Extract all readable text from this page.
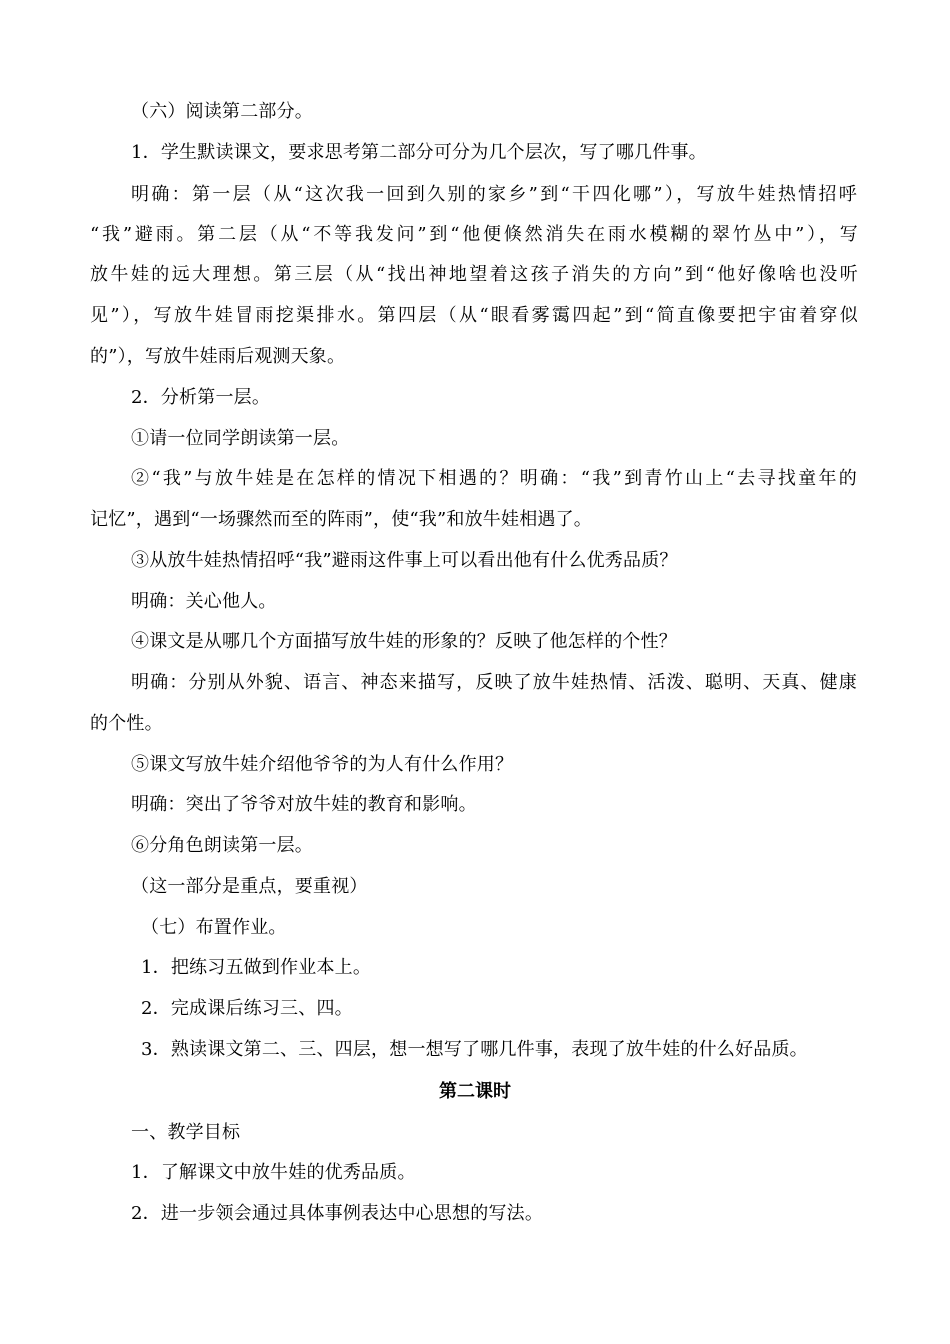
（六）阅读第二部分。
1．学生默读课文，要求思考第二部分可分为几个层次，写了哪几件事。
明确：第一层（从“这次我一回到久别的家乡”到“干四化哪”），写放牛娃热情招呼
“我”避雨。第二层（从“不等我发问”到“他便倏然消失在雨水模糊的翠竹丛中”），写
放牛娃的远大理想。第三层（从“找出神地望着这孩子消失的方向”到“他好像啥也没听
见”），写放牛娃冒雨挖渠排水。第四层（从“眼看雾霭四起”到“简直像要把宇宙着穿似
的”），写放牛娃雨后观测天象。
2．分析第一层。
①请一位同学朗读第一层。
②“我”与放牛娃是在怎样的情况下相遇的？明确：“我”到青竹山上“去寻找童年的
记忆”，遇到“一场骤然而至的阵雨”，使“我”和放牛娃相遇了。
③从放牛娃热情招呼“我”避雨这件事上可以看出他有什么优秀品质？
明确：关心他人。
④课文是从哪几个方面描写放牛娃的形象的？反映了他怎样的个性？
明确：分别从外貌、语言、神态来描写，反映了放牛娃热情、活泼、聪明、天真、健康
的个性。
⑤课文写放牛娃介绍他爷爷的为人有什么作用？
明确：突出了爷爷对放牛娃的教育和影响。
⑥分角色朗读第一层。
（这一部分是重点，要重视）
（七）布置作业。
1．把练习五做到作业本上。
2．完成课后练习三、四。
3．熟读课文第二、三、四层，想一想写了哪几件事，表现了放牛娃的什么好品质。
第二课时
一、教学目标
1．了解课文中放牛娃的优秀品质。
2．进一步领会通过具体事例表达中心思想的写法。
